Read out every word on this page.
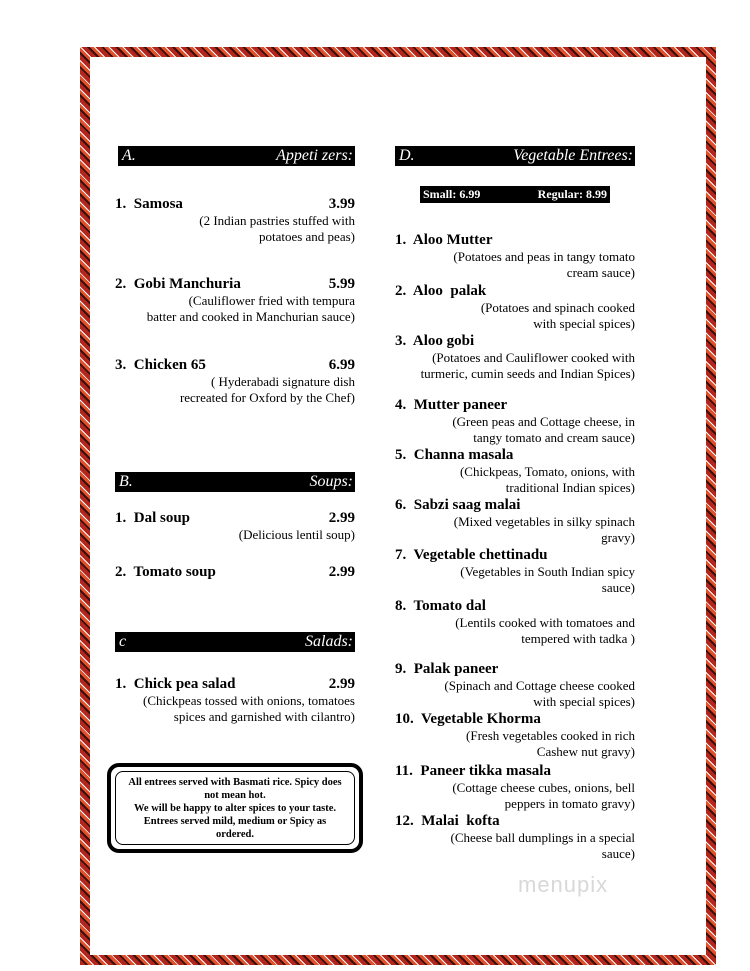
A.	Appeti zers:
1.  Samosa	3.99
(2 Indian pastries stuffed with
potatoes and peas)
2.  Gobi Manchuria	5.99
(Cauliflower fried with tempura
batter and cooked in Manchurian sauce)
3.  Chicken 65	6.99
( Hyderabadi signature dish
recreated for Oxford by the Chef)
B.	Soups:
1.  Dal soup	2.99
(Delicious lentil soup)
2.  Tomato soup	2.99
c	Salads:
1.  Chick pea salad	2.99
(Chickpeas tossed with onions, tomatoes
spices and garnished with cilantro)
D.	Vegetable Entrees:
1.  Aloo Mutter
(Potatoes and peas in tangy tomato
cream sauce)
2.  Aloo  palak
(Potatoes and spinach cooked
with special spices)
3.  Aloo gobi
(Potatoes and Cauliflower cooked with
turmeric, cumin seeds and Indian Spices)
4.  Mutter paneer
(Green peas and Cottage cheese, in
tangy tomato and cream sauce)
5.  Channa masala
(Chickpeas, Tomato, onions, with
traditional Indian spices)
6.  Sabzi saag malai
(Mixed vegetables in silky spinach
gravy)
7.  Vegetable chettinadu
(Vegetables in South Indian spicy
sauce)
8.  Tomato dal
(Lentils cooked with tomatoes and
tempered with tadka )
9.  Palak paneer
(Spinach and Cottage cheese cooked
with special spices)
10.  Vegetable Khorma
(Fresh vegetables cooked in rich
Cashew nut gravy)
11.  Paneer tikka masala
(Cottage cheese cubes, onions, bell
peppers in tomato gravy)
12.  Malai  kofta
(Cheese ball dumplings in a special
sauce)
Small: 6.99	Regular: 8.99
All entrees served with Basmati rice. Spicy does
not mean hot.
We will be happy to alter spices to your taste.
Entrees served mild, medium or Spicy as
ordered.
menupix
